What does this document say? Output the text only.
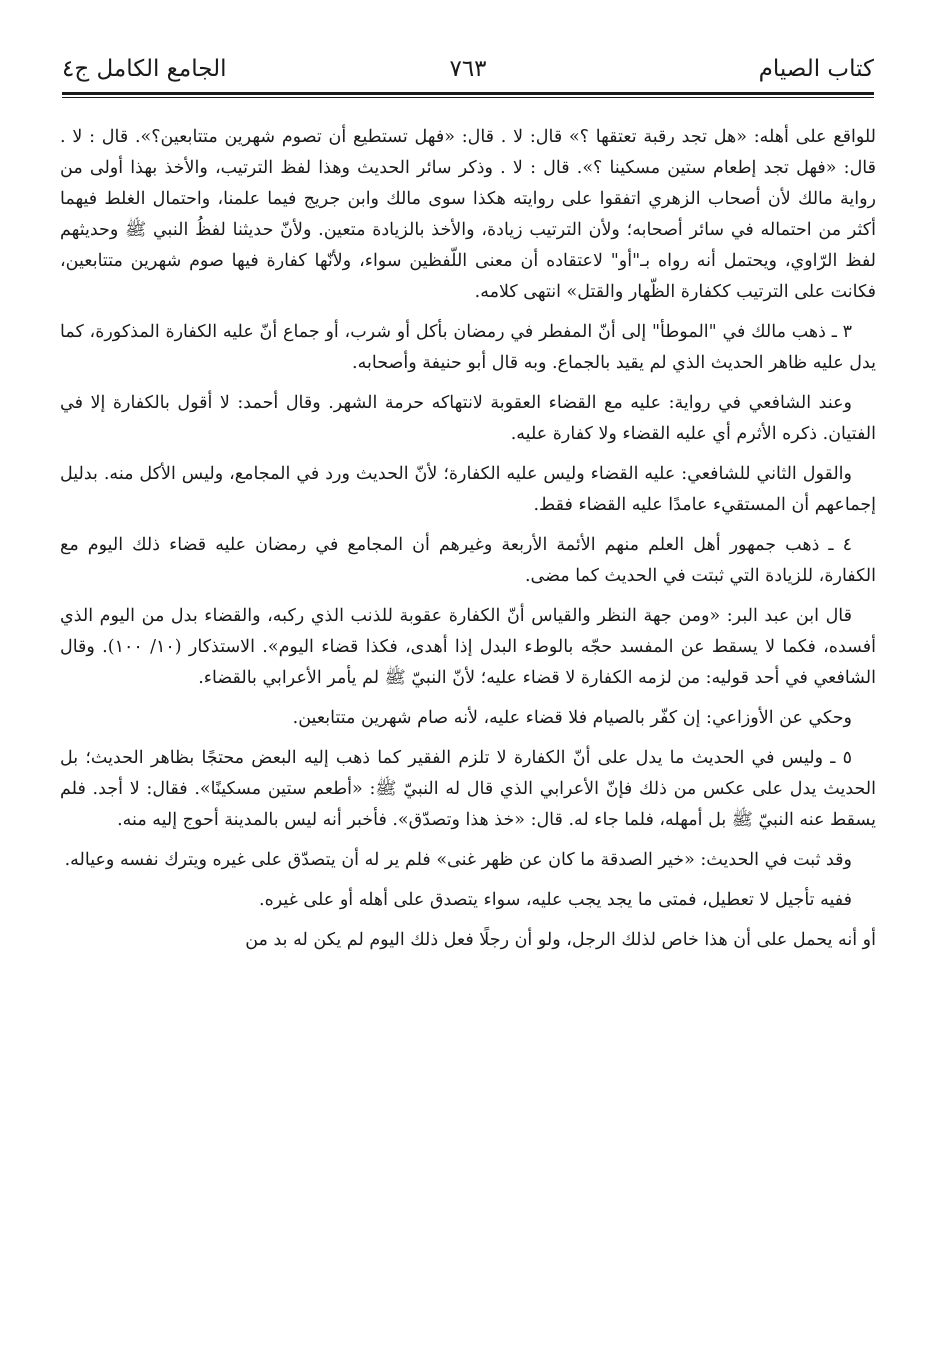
كتاب الصيام
٧٦٣
الجامع الكامل ج٤

للواقع على أهله: «هل تجد رقبة تعتقها ؟» قال: لا . قال: «فهل تستطيع أن تصوم شهرين متتابعين؟». قال : لا . قال: «فهل تجد إطعام ستين مسكينا ؟». قال : لا . وذكر سائر الحديث وهذا لفظ الترتيب، والأخذ بهذا أولى من رواية مالك لأن أصحاب الزهري اتفقوا على روايته هكذا سوى مالك وابن جريج فيما علمنا، واحتمال الغلط فيهما أكثر من احتماله في سائر أصحابه؛ ولأن الترتيب زيادة، والأخذ بالزيادة متعين. ولأنّ حديثنا لفظُ النبي ﷺ وحديثهم لفظ الرّاوي، ويحتمل أنه رواه بـ"أو" لاعتقاده أن معنى اللّفظين سواء، ولأنّها كفارة فيها صوم شهرين متتابعين، فكانت على الترتيب ككفارة الظّهار والقتل» انتهى كلامه.

٣ ـ ذهب مالك في "الموطأ" إلى أنّ المفطر في رمضان بأكل أو شرب، أو جماع أنّ عليه الكفارة المذكورة، كما يدل عليه ظاهر الحديث الذي لم يقيد بالجماع. وبه قال أبو حنيفة وأصحابه.

وعند الشافعي في رواية: عليه مع القضاء العقوبة لانتهاكه حرمة الشهر. وقال أحمد: لا أقول بالكفارة إلا في الفتيان. ذكره الأثرم أي عليه القضاء ولا كفارة عليه.

والقول الثاني للشافعي: عليه القضاء وليس عليه الكفارة؛ لأنّ الحديث ورد في المجامع، وليس الأكل منه. بدليل إجماعهم أن المستقيء عامدًا عليه القضاء فقط.

٤ ـ ذهب جمهور أهل العلم منهم الأئمة الأربعة وغيرهم أن المجامع في رمضان عليه قضاء ذلك اليوم مع الكفارة، للزيادة التي ثبتت في الحديث كما مضى.

قال ابن عبد البر: «ومن جهة النظر والقياس أنّ الكفارة عقوبة للذنب الذي ركبه، والقضاء بدل من اليوم الذي أفسده، فكما لا يسقط عن المفسد حجّه بالوطء البدل إذا أهدى، فكذا قضاء اليوم». الاستذكار (١٠/ ١٠٠). وقال الشافعي في أحد قوليه: من لزمه الكفارة لا قضاء عليه؛ لأنّ النبيّ ﷺ لم يأمر الأعرابي بالقضاء.

وحكي عن الأوزاعي: إن كفّر بالصيام فلا قضاء عليه، لأنه صام شهرين متتابعين.

٥ ـ وليس في الحديث ما يدل على أنّ الكفارة لا تلزم الفقير كما ذهب إليه البعض محتجًا بظاهر الحديث؛ بل الحديث يدل على عكس من ذلك فإنّ الأعرابي الذي قال له النبيّ ﷺ: «أطعم ستين مسكينًا». فقال: لا أجد. فلم يسقط عنه النبيّ ﷺ بل أمهله، فلما جاء له. قال: «خذ هذا وتصدّق». فأخبر أنه ليس بالمدينة أحوج إليه منه.

وقد ثبت في الحديث: «خير الصدقة ما كان عن ظهر غنى» فلم ير له أن يتصدّق على غيره ويترك نفسه وعياله.

ففيه تأجيل لا تعطيل، فمتى ما يجد يجب عليه، سواء يتصدق على أهله أو على غيره.

أو أنه يحمل على أن هذا خاص لذلك الرجل، ولو أن رجلًا فعل ذلك اليوم لم يكن له بد من
